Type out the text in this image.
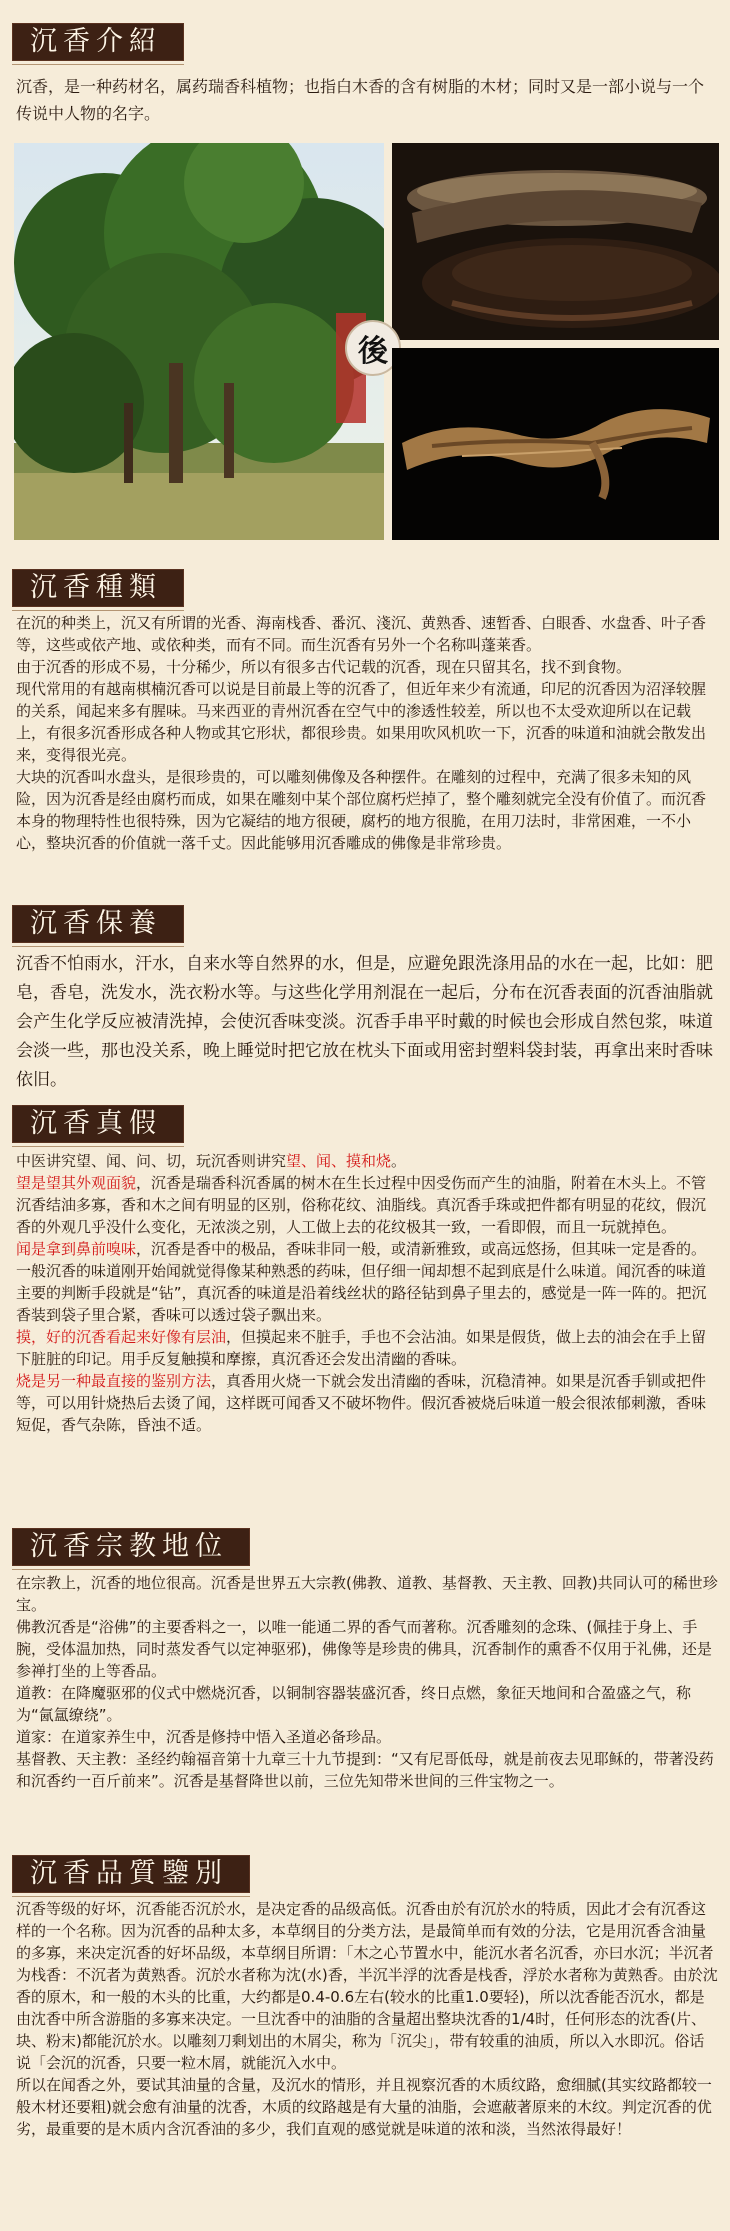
沉香介紹
沉香，是一种药材名，属药瑞香科植物；也指白木香的含有树脂的木材；同时又是一部小说与一个传说中人物的名字。
後
沉香種類

在沉的种类上，沉又有所谓的光香、海南栈香、番沉、淺沉、黄熟香、速暂香、白眼香、水盘香、叶子香等，这些或依产地、或依种类，而有不同。而生沉香有另外一个名称叫蓬莱香。

由于沉香的形成不易，十分稀少，所以有很多古代记载的沉香，现在只留其名，找不到食物。

现代常用的有越南棋楠沉香可以说是目前最上等的沉香了，但近年来少有流通，印尼的沉香因为沼泽较腥的关系，闻起来多有腥味。马来西亚的青州沉香在空气中的渗透性较差，所以也不太受欢迎所以在记载上，有很多沉香形成各种人物或其它形状，都很珍贵。如果用吹风机吹一下，沉香的味道和油就会散发出来，变得很光亮。

大块的沉香叫水盘头，是很珍贵的，可以雕刻佛像及各种摆件。在雕刻的过程中，充满了很多未知的风险，因为沉香是经由腐朽而成，如果在雕刻中某个部位腐朽烂掉了，整个雕刻就完全没有价值了。而沉香本身的物理特性也很特殊，因为它凝结的地方很硬，腐朽的地方很脆，在用刀法时，非常困难，一不小心，整块沉香的价值就一落千丈。因此能够用沉香雕成的佛像是非常珍贵。

沉香保養
沉香不怕雨水，汗水，自来水等自然界的水，但是，应避免跟洗涤用品的水在一起，比如：肥皂，香皂，洗发水，洗衣粉水等。与这些化学用剂混在一起后，分布在沉香表面的沉香油脂就会产生化学反应被清洗掉，会使沉香味变淡。沉香手串平时戴的时候也会形成自然包浆，味道会淡一些，那也没关系，晚上睡觉时把它放在枕头下面或用密封塑料袋封装，再拿出来时香味依旧。
沉香真假

中医讲究望、闻、问、切，玩沉香则讲究望、闻、摸和烧。

望是望其外观面貌，沉香是瑞香科沉香属的树木在生长过程中因受伤而产生的油脂，附着在木头上。不管沉香结油多寡，香和木之间有明显的区别，俗称花纹、油脂线。真沉香手珠或把件都有明显的花纹，假沉香的外观几乎没什么变化，无浓淡之别，人工做上去的花纹极其一致，一看即假，而且一玩就掉色。

闻是拿到鼻前嗅味，沉香是香中的极品，香味非同一般，或清新雅致，或高远悠扬，但其味一定是香的。一般沉香的味道刚开始闻就觉得像某种熟悉的药味，但仔细一闻却想不起到底是什么味道。闻沉香的味道主要的判断手段就是“钻”，真沉香的味道是沿着线丝状的路径钻到鼻子里去的，感觉是一阵一阵的。把沉香装到袋子里合紧，香味可以透过袋子飘出来。

摸，好的沉香看起来好像有层油，但摸起来不脏手，手也不会沾油。如果是假货，做上去的油会在手上留下脏脏的印记。用手反复触摸和摩擦，真沉香还会发出清幽的香味。

烧是另一种最直接的鉴别方法，真香用火烧一下就会发出清幽的香味，沉稳清神。如果是沉香手钏或把件等，可以用针烧热后去烫了闻，这样既可闻香又不破坏物件。假沉香被烧后味道一般会很浓郁刺激，香味短促，香气杂陈，昏浊不适。

沉香宗教地位

在宗教上，沉香的地位很高。沉香是世界五大宗教(佛教、道教、基督教、天主教、回教)共同认可的稀世珍宝。

佛教沉香是“浴佛”的主要香料之一，以唯一能通二界的香气而著称。沉香雕刻的念珠、(佩挂于身上、手腕，受体温加热，同时蒸发香气以定神驱邪)，佛像等是珍贵的佛具，沉香制作的熏香不仅用于礼佛，还是参禅打坐的上等香品。

道教：在降魔驱邪的仪式中燃烧沉香，以铜制容器装盛沉香，终日点燃，象征天地间和合盈盛之气，称为“氤氲缭绕”。

道家：在道家养生中，沉香是修持中悟入圣道必备珍品。

基督教、天主教：圣经约翰福音第十九章三十九节提到：“又有尼哥低母，就是前夜去见耶稣的，带著没药和沉香约一百斤前来”。沉香是基督降世以前，三位先知带米世间的三件宝物之一。

沉香品質鑒別

沉香等级的好坏，沉香能否沉於水，是决定香的品级高低。沉香由於有沉於水的特质，因此才会有沉香这样的一个名称。因为沉香的品种太多，本草纲目的分类方法，是最简单而有效的分法，它是用沉香含油量的多寡，来决定沉香的好坏品级，本草纲目所谓：「木之心节置水中，能沉水者名沉香，亦曰水沉；半沉者为栈香：不沉者为黄熟香。沉於水者称为沈(水)香，半沉半浮的沈香是栈香，浮於水者称为黄熟香。由於沈香的原木，和一般的木头的比重，大约都是0.4-0.6左右(较水的比重1.0要轻)，所以沈香能否沉水，都是由沈香中所含游脂的多寡来决定。一旦沈香中的油脂的含量超出整块沈香的1/4时，任何形态的沈香(片、块、粉末)都能沉於水。以雕刻刀剩划出的木屑尖，称为「沉尖」，带有较重的油质，所以入水即沉。俗话说「会沉的沉香，只要一粒木屑，就能沉入水中。

所以在闻香之外，要试其油量的含量，及沉水的情形，并且视察沉香的木质纹路，愈细腻(其实纹路都较一般木材还要粗)就会愈有油量的沈香，木质的纹路越是有大量的油脂，会遮蔽著原来的木纹。判定沉香的优劣，最重要的是木质内含沉香油的多少，我们直观的感觉就是味道的浓和淡，当然浓得最好！
